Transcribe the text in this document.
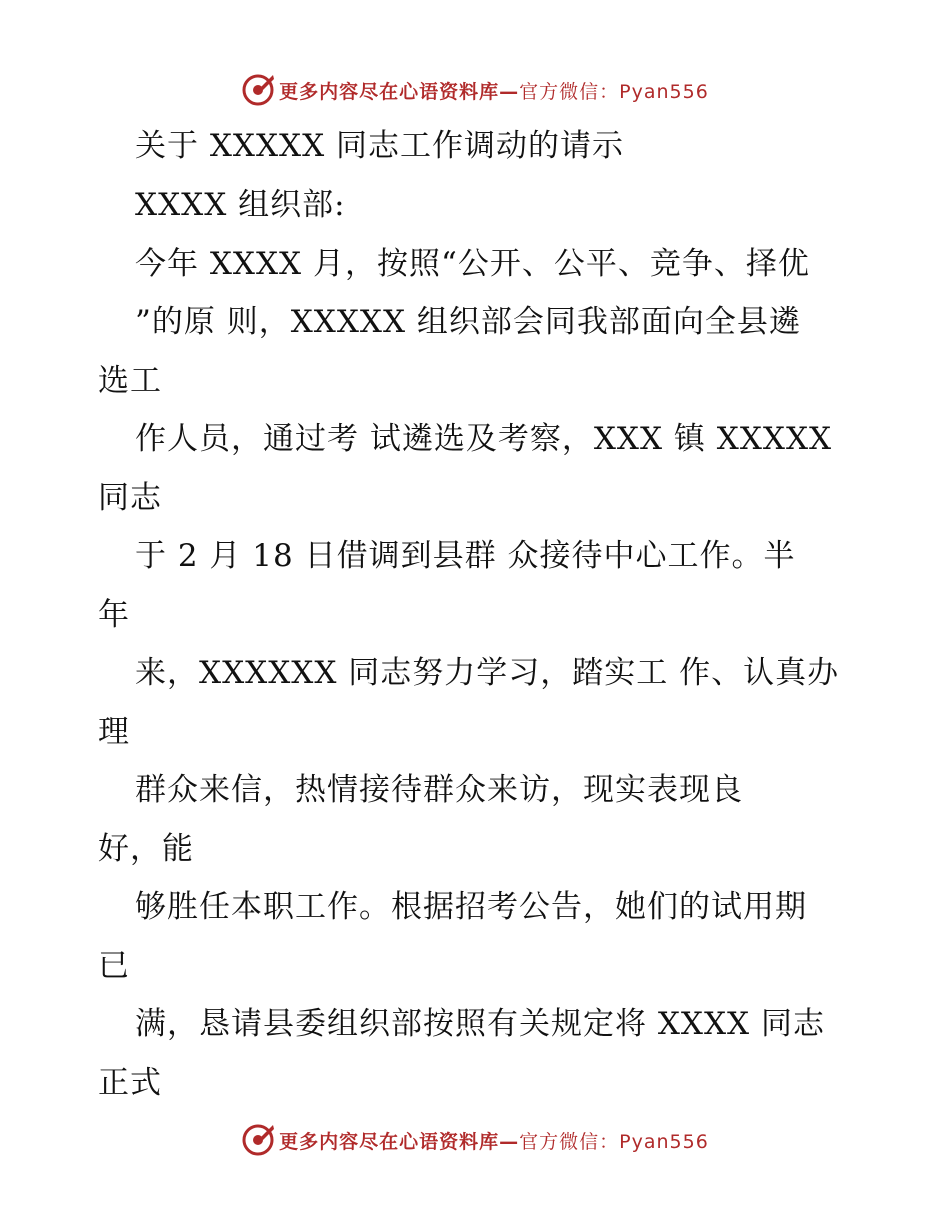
更多内容尽在心语资料库—官方微信：Pyan556
关于 XXXXX 同志工作调动的请示
XXXX 组织部:
今年 XXXX 月，按照“公开、公平、竞争、择优
”的原 则，XXXXX 组织部会同我部面向全县遴
选工
作人员，通过考 试遴选及考察，XXX 镇 XXXXX
同志
于 2 月 18 日借调到县群 众接待中心工作。半
年
来，XXXXXX 同志努力学习，踏实工 作、认真办
理
群众来信，热情接待群众来访，现实表现良
好，能
够胜任本职工作。根据招考公告，她们的试用期
已
满，恳请县委组织部按照有关规定将 XXXX 同志
正式
更多内容尽在心语资料库—官方微信：Pyan556
